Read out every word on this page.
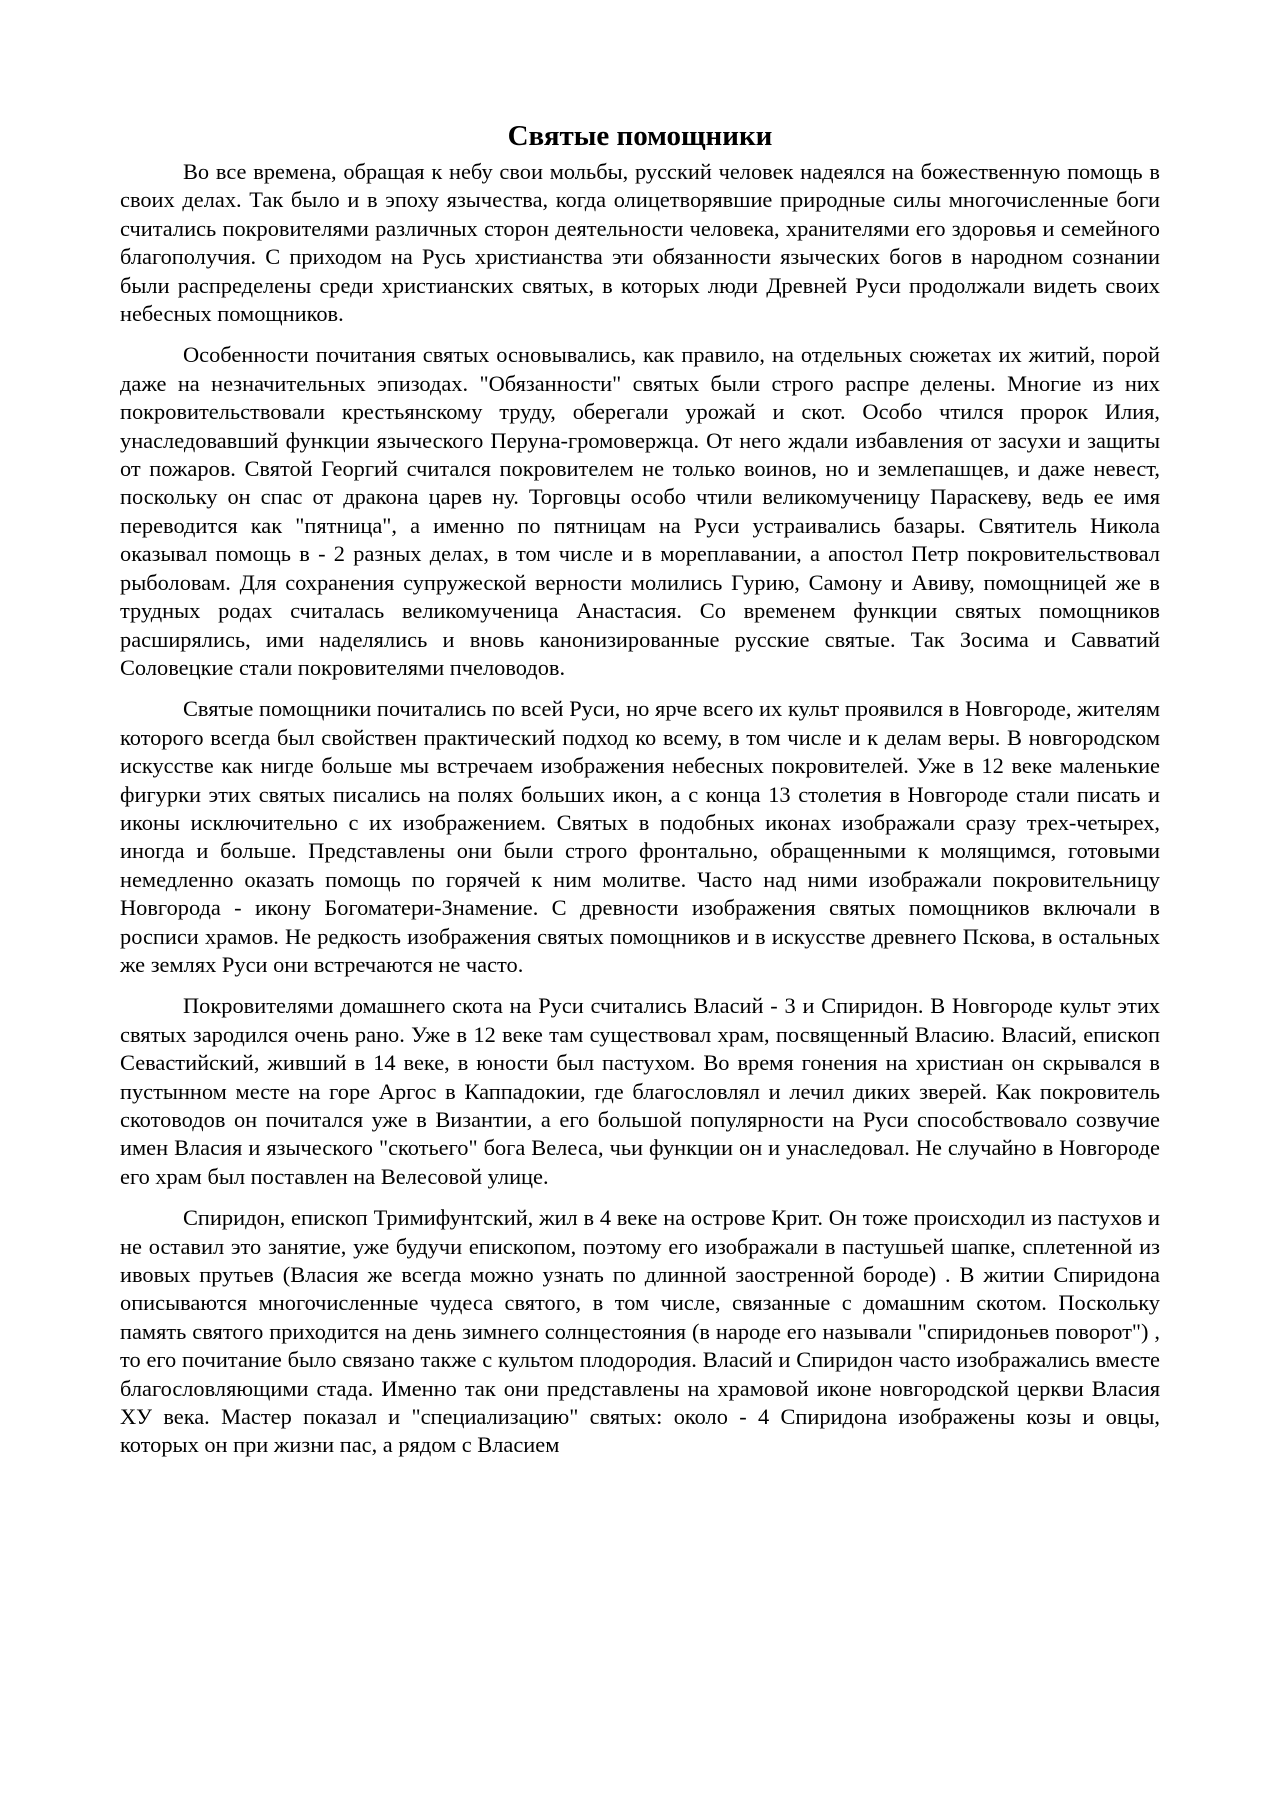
Святые помощники

Во все времена, обращая к небу свои мольбы, русский человек надеялся на божественную помощь в своих делах. Так было и в эпоху язычества, когда олицетворявшие природные силы многочисленные боги считались покровителями различных сторон деятельности человека, хранителями его здоровья и семейного благополучия. С приходом на Русь христианства эти обязанности языческих богов в народном сознании были распределены среди христианских святых, в которых люди Древней Руси продолжали видеть своих небесных помощников.

Особенности почитания святых основывались, как правило, на отдельных сюжетах их житий, порой даже на незначительных эпизодах. "Обязанности" святых были строго распре делены. Многие из них покровительствовали крестьянскому труду, оберегали урожай и скот. Особо чтился пророк Илия, унаследовавший функции языческого Перуна-громовержца. От него ждали избавления от засухи и защиты от пожаров. Святой Георгий считался покровителем не только воинов, но и землепашцев, и даже невест, поскольку он спас от дракона царев ну. Торговцы особо чтили великомученицу Параскеву, ведь ее имя переводится как "пятница", а именно по пятницам на Руси устраивались базары. Святитель Никола оказывал помощь в - 2 разных делах, в том числе и в мореплавании, а апостол Петр покровительствовал рыболовам. Для сохранения супружеской верности молились Гурию, Самону и Авиву, помощницей же в трудных родах считалась великомученица Анастасия. Со временем функции святых помощников расширялись, ими наделялись и вновь канонизированные русские святые. Так Зосима и Савватий Соловецкие стали покровителями пчеловодов.

Святые помощники почитались по всей Руси, но ярче всего их культ проявился в Новгороде, жителям которого всегда был свойствен практический подход ко всему, в том числе и к делам веры. В новгородском искусстве как нигде больше мы встречаем изображения небесных покровителей. Уже в 12 веке маленькие фигурки этих святых писались на полях больших икон, а с конца 13 столетия в Новгороде стали писать и иконы исключительно с их изображением. Святых в подобных иконах изображали сразу трех-четырех, иногда и больше. Представлены они были строго фронтально, обращенными к молящимся, готовыми немедленно оказать помощь по горячей к ним молитве. Часто над ними изображали покровительницу Новгорода - икону Богоматери-Знамение. С древности изображения святых помощников включали в росписи храмов. Не редкость изображения святых помощников и в искусстве древнего Пскова, в остальных же землях Руси они встречаются не часто.

Покровителями домашнего скота на Руси считались Власий - 3 и Спиридон. В Новгороде культ этих святых зародился очень рано. Уже в 12 веке там существовал храм, посвященный Власию. Власий, епископ Севастийский, живший в 14 веке, в юности был пастухом. Во время гонения на христиан он скрывался в пустынном месте на горе Аргос в Каппадокии, где благословлял и лечил диких зверей. Как покровитель скотоводов он почитался уже в Византии, а его большой популярности на Руси способствовало созвучие имен Власия и языческого "скотьего" бога Велеса, чьи функции он и унаследовал. Не случайно в Новгороде его храм был поставлен на Велесовой улице.

Спиридон, епископ Тримифунтский, жил в 4 веке на острове Крит. Он тоже происходил из пастухов и не оставил это занятие, уже будучи епископом, поэтому его изображали в пастушьей шапке, сплетенной из ивовых прутьев (Власия же всегда можно узнать по длинной заостренной бороде) . В житии Спиридона описываются многочисленные чудеса святого, в том числе, связанные с домашним скотом. Поскольку память святого приходится на день зимнего солнцестояния (в народе его называли "спиридоньев поворот") , то его почитание было связано также с культом плодородия. Власий и Спиридон часто изображались вместе благословляющими стада. Именно так они представлены на храмовой иконе новгородской церкви Власия XУ века. Мастер показал и "специализацию" святых: около - 4 Спиридона изображены козы и овцы, которых он при жизни пас, а рядом с Власием
